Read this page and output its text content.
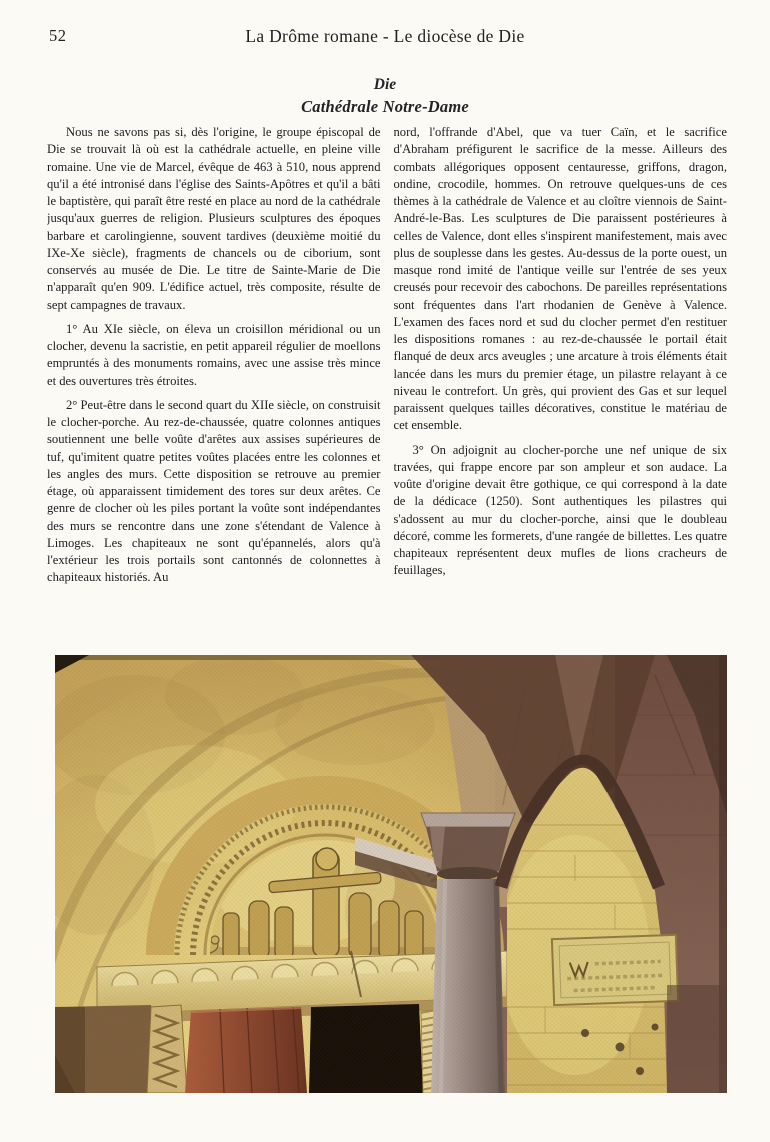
52	La Drôme romane - Le diocèse de Die
Die
Cathédrale Notre-Dame

Nous ne savons pas si, dès l'origine, le groupe épiscopal de Die se trouvait là où est la cathédrale actuelle, en pleine ville romaine. Une vie de Marcel, évêque de 463 à 510, nous apprend qu'il a été intronisé dans l'église des Saints-Apôtres et qu'il a bâti le baptistère, qui paraît être resté en place au nord de la cathédrale jusqu'aux guerres de religion. Plusieurs sculptures des époques barbare et carolingienne, souvent tardives (deuxième moitié du IXe-Xe siècle), fragments de chancels ou de ciborium, sont conservés au musée de Die. Le titre de Sainte-Marie de Die n'apparaît qu'en 909. L'édifice actuel, très composite, résulte de sept campagnes de travaux.

1° Au XIe siècle, on éleva un croisillon méridional ou un clocher, devenu la sacristie, en petit appareil régulier de moellons empruntés à des monuments romains, avec une assise très mince et des ouvertures très étroites.

2° Peut-être dans le second quart du XIIe siècle, on construisit le clocher-porche. Au rez-de-chaussée, quatre colonnes antiques soutiennent une belle voûte d'arêtes aux assises supérieures de tuf, qu'imitent quatre petites voûtes placées entre les colonnes et les angles des murs. Cette disposition se retrouve au premier étage, où apparaissent timidement des tores sur deux arêtes. Ce genre de clocher où les piles portant la voûte sont indépendantes des murs se rencontre dans une zone s'étendant de Valence à Limoges. Les chapiteaux ne sont qu'épannelés, alors qu'à l'extérieur les trois portails sont cantonnés de colonnettes à chapiteaux historiés. Au

nord, l'offrande d'Abel, que va tuer Caïn, et le sacrifice d'Abraham préfigurent le sacrifice de la messe. Ailleurs des combats allégoriques opposent centauresse, griffons, dragon, ondine, crocodile, hommes. On retrouve quelques-uns de ces thèmes à la cathédrale de Valence et au cloître viennois de Saint-André-le-Bas. Les sculptures de Die paraissent postérieures à celles de Valence, dont elles s'inspirent manifestement, mais avec plus de souplesse dans les gestes. Au-dessus de la porte ouest, un masque rond imité de l'antique veille sur l'entrée de ses yeux creusés pour recevoir des cabochons. De pareilles représentations sont fréquentes dans l'art rhodanien de Genève à Valence. L'examen des faces nord et sud du clocher permet d'en restituer les dispositions romanes : au rez-de-chaussée le portail était flanqué de deux arcs aveugles ; une arcature à trois éléments était lancée dans les murs du premier étage, un pilastre relayant à ce niveau le contrefort. Un grès, qui provient des Gas et sur lequel paraissent quelques tailles décoratives, constitue le matériau de cet ensemble.

3° On adjoignit au clocher-porche une nef unique de six travées, qui frappe encore par son ampleur et son audace. La voûte d'origine devait être gothique, ce qui correspond à la date de la dédicace (1250). Sont authentiques les pilastres qui s'adossent au mur du clocher-porche, ainsi que le doubleau décoré, comme les formerets, d'une rangée de billettes. Les quatre chapiteaux représentent deux mufles de lions cracheurs de feuillages,
